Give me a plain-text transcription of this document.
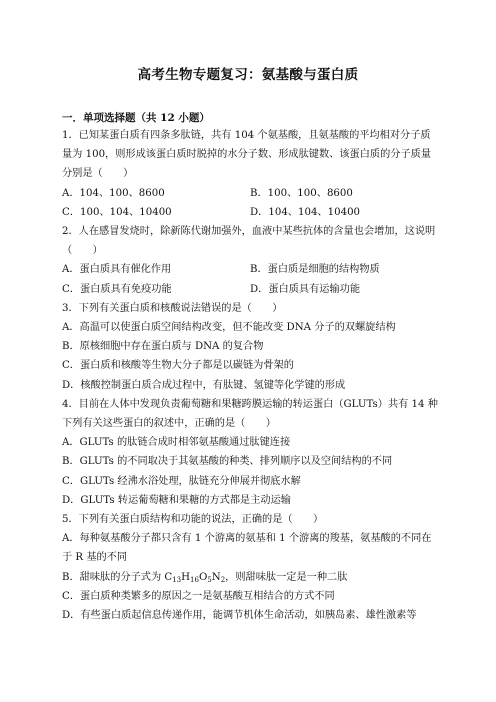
高考生物专题复习：氨基酸与蛋白质
一．单项选择题（共 12 小题）
1．已知某蛋白质有四条多肽链，共有 104 个氨基酸，且氨基酸的平均相对分子质量为 100，则形成该蛋白质时脱掉的水分子数、形成肽键数、该蛋白质的分子质量分别是（　　）
A．104、100、8600	B．100、100、8600
C．100、104、10400	D．104、104、10400
2．人在感冒发烧时，除新陈代谢加强外，血液中某些抗体的含量也会增加，这说明（　　）
A．蛋白质具有催化作用	B．蛋白质是细胞的结构物质
C．蛋白质具有免疫功能	D．蛋白质具有运输功能
3．下列有关蛋白质和核酸说法错误的是（　　）
A．高温可以使蛋白质空间结构改变，但不能改变 DNA 分子的双螺旋结构
B．原核细胞中存在蛋白质与 DNA 的复合物
C．蛋白质和核酸等生物大分子都是以碳链为骨架的
D．核酸控制蛋白质合成过程中，有肽键、氢键等化学键的形成
4．目前在人体中发现负责葡萄糖和果糖跨膜运输的转运蛋白（GLUTs）共有 14 种下列有关这些蛋白的叙述中，正确的是（　　）
A．GLUTs 的肽链合成时相邻氨基酸通过肽键连接
B．GLUTs 的不同取决于其氨基酸的种类、排列顺序以及空间结构的不同
C．GLUTs 经沸水浴处理，肽链充分伸展并彻底水解
D．GLUTs 转运葡萄糖和果糖的方式都是主动运输
5．下列有关蛋白质结构和功能的说法，正确的是（　　）
A．每种氨基酸分子都只含有 1 个游离的氨基和 1 个游离的羧基，氨基酸的不同在于 R 基的不同
B．甜味肽的分子式为 $C_{13}H_{16}O_5N_2$，则甜味肽一定是一种二肽
C．蛋白质种类繁多的原因之一是氨基酸互相结合的方式不同
D．有些蛋白质起信息传递作用，能调节机体生命活动，如胰岛素、雄性激素等
